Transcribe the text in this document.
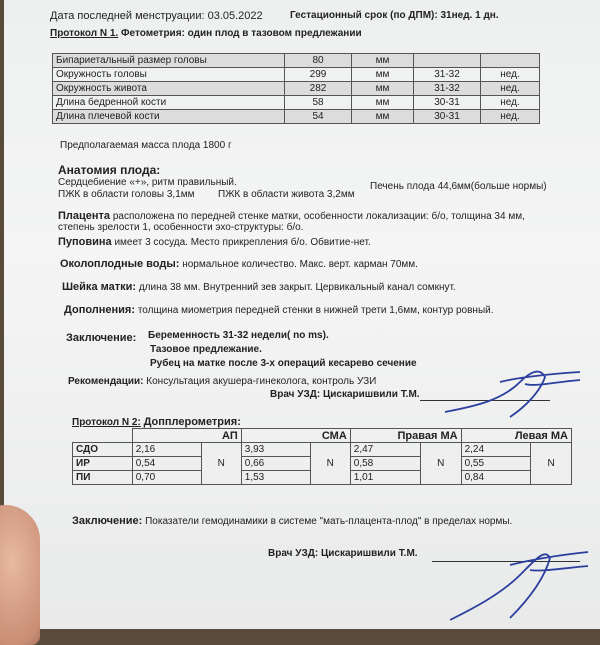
Дата последней менструации: 03.05.2022	Гестационный срок (по ДПМ): 31нед. 1 дн.
Протокол N 1. Фетометрия: один плод в тазовом предлежании
Бипариетальный размер головы	80	мм		
Окружность головы	299	мм	31-32	нед.
Окружность живота	282	мм	31-32	нед.
Длина бедренной кости	58	мм	30-31	нед.
Длина плечевой кости	54	мм	30-31	нед.
Предполагаемая масса плода 1800 г
Анатомия плода:
Сердцебиение «+», ритм правильный.
ПЖК в области головы 3,1мм ПЖК в области живота 3,2мм
Печень плода 44,6мм(больше нормы)
Плацента расположена по передней стенке матки, особенности локализации: б/о, толщина 34 мм,
степень зрелости 1, особенности эхо-структуры: б/о.
Пуповина имеет 3 сосуда. Место прикрепления б/о. Обвитие-нет.
Околоплодные воды: нормальное количество. Макс. верт. карман 70мм.
Шейка матки: длина 38 мм. Внутренний зев закрыт. Цервикальный канал сомкнут.
Дополнения: толщина миометрия передней стенки в нижней трети 1,6мм, контур ровный.
Заключение: Беременность 31-32 недели( no ms).
Тазовое предлежание.
Рубец на матке после 3-х операций кесарево сечение
Рекомендации: Консультация акушера-гинеколога, контроль УЗИ
Врач УЗД: Цискаришвили Т.М.
Протокол N 2: Допплерометрия:
	АП		СМА		Правая МА		Левая МА	
СДО	2,16	N	3,93	N	2,47	N	2,24	N
ИР	0,54		0,66		0,58		0,55	
ПИ	0,70		1,53		1,01		0,84	
Заключение: Показатели гемодинамики в системе "мать-плацента-плод" в пределах нормы.
Врач УЗД: Цискаришвили Т.М.
